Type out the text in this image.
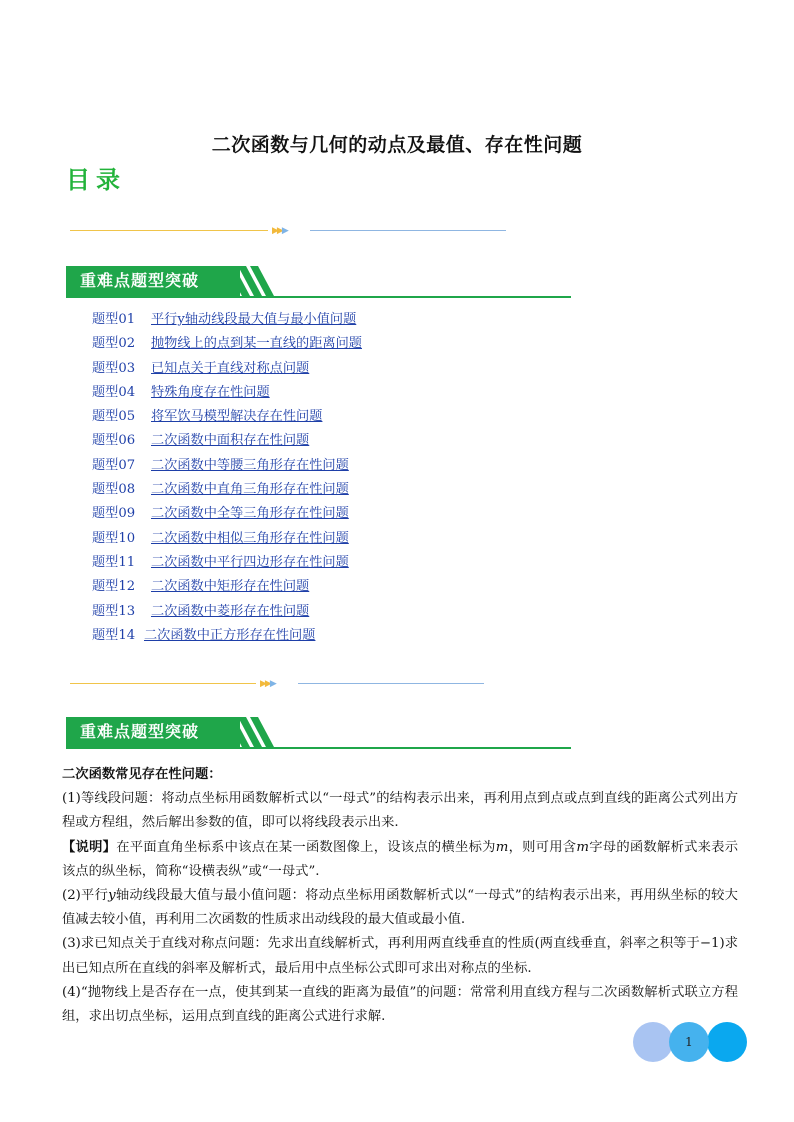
二次函数与几何的动点及最值、存在性问题
目录
▶▶▶
重难点题型突破
题型01 平行y轴动线段最大值与最小值问题
题型02 抛物线上的点到某一直线的距离问题
题型03 已知点关于直线对称点问题
题型04 特殊角度存在性问题
题型05 将军饮马模型解决存在性问题
题型06 二次函数中面积存在性问题
题型07 二次函数中等腰三角形存在性问题
题型08 二次函数中直角三角形存在性问题
题型09 二次函数中全等三角形存在性问题
题型10 二次函数中相似三角形存在性问题
题型11 二次函数中平行四边形存在性问题
题型12 二次函数中矩形存在性问题
题型13 二次函数中菱形存在性问题
题型14 二次函数中正方形存在性问题
▶▶▶
重难点题型突破

二次函数常见存在性问题：

(1)等线段问题：将动点坐标用函数解析式以“一母式”的结构表示出来，再利用点到点或点到直线的距离公式列出方程或方程组，然后解出参数的值，即可以将线段表示出来.

【说明】在平面直角坐标系中该点在某一函数图像上，设该点的横坐标为m，则可用含m字母的函数解析式来表示该点的纵坐标，简称“设横表纵”或“一母式”.

(2)平行y轴动线段最大值与最小值问题：将动点坐标用函数解析式以“一母式”的结构表示出来，再用纵坐标的较大值减去较小值，再利用二次函数的性质求出动线段的最大值或最小值.

(3)求已知点关于直线对称点问题：先求出直线解析式，再利用两直线垂直的性质(两直线垂直，斜率之积等于−1)求出已知点所在直线的斜率及解析式，最后用中点坐标公式即可求出对称点的坐标.

(4)“抛物线上是否存在一点，使其到某一直线的距离为最值”的问题：常常利用直线方程与二次函数解析式联立方程组，求出切点坐标，运用点到直线的距离公式进行求解.

1
